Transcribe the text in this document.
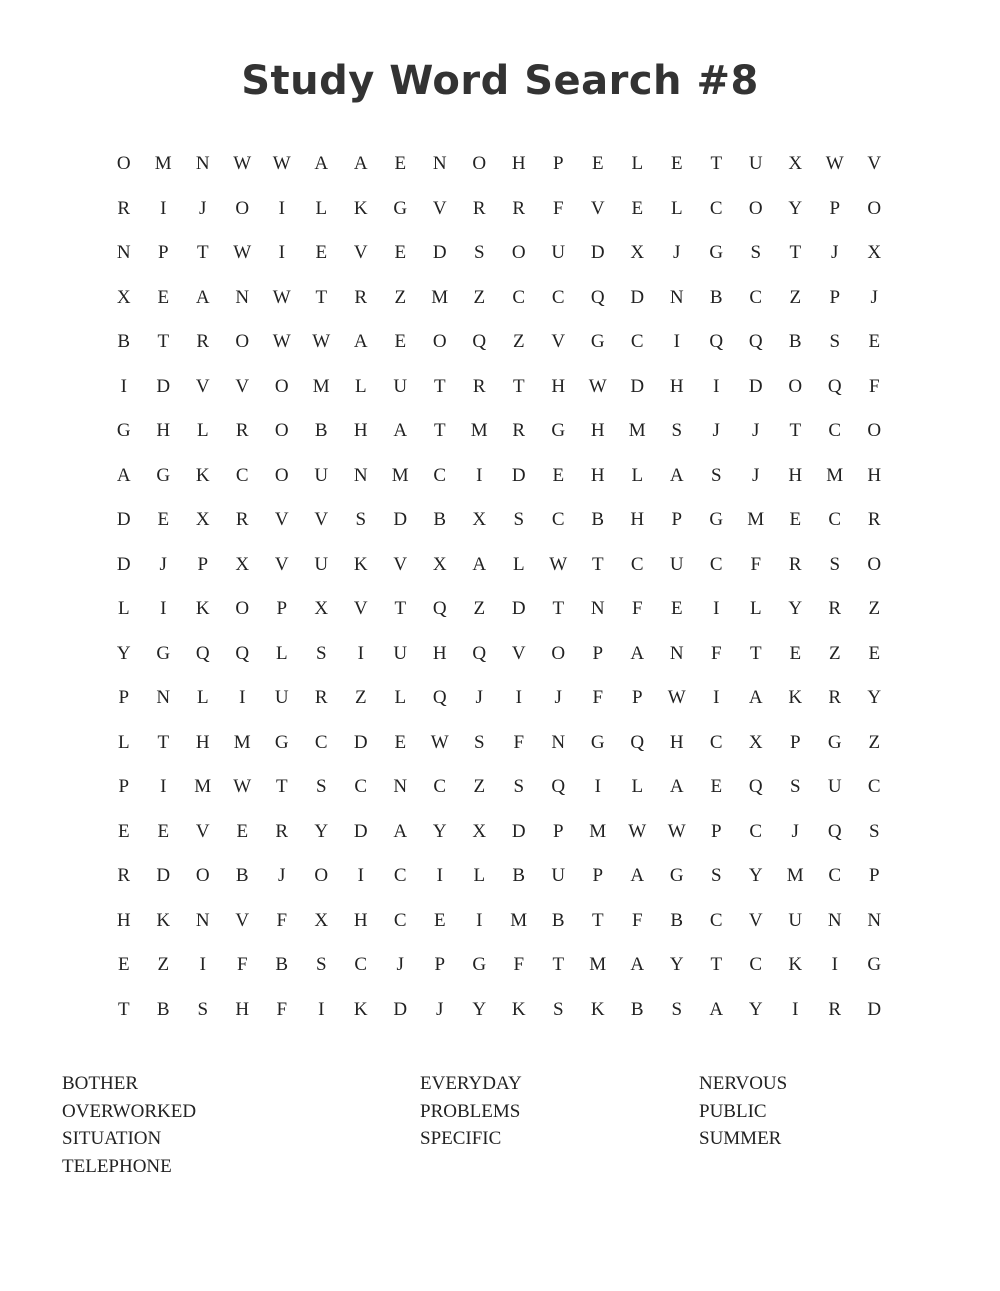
Study Word Search #8
O	M	N	W	W	A	A	E	N	O	H	P	E	L	E	T	U	X	W	V
R	I	J	O	I	L	K	G	V	R	R	F	V	E	L	C	O	Y	P	O
N	P	T	W	I	E	V	E	D	S	O	U	D	X	J	G	S	T	J	X
X	E	A	N	W	T	R	Z	M	Z	C	C	Q	D	N	B	C	Z	P	J
B	T	R	O	W	W	A	E	O	Q	Z	V	G	C	I	Q	Q	B	S	E
I	D	V	V	O	M	L	U	T	R	T	H	W	D	H	I	D	O	Q	F
G	H	L	R	O	B	H	A	T	M	R	G	H	M	S	J	J	T	C	O
A	G	K	C	O	U	N	M	C	I	D	E	H	L	A	S	J	H	M	H
D	E	X	R	V	V	S	D	B	X	S	C	B	H	P	G	M	E	C	R
D	J	P	X	V	U	K	V	X	A	L	W	T	C	U	C	F	R	S	O
L	I	K	O	P	X	V	T	Q	Z	D	T	N	F	E	I	L	Y	R	Z
Y	G	Q	Q	L	S	I	U	H	Q	V	O	P	A	N	F	T	E	Z	E
P	N	L	I	U	R	Z	L	Q	J	I	J	F	P	W	I	A	K	R	Y
L	T	H	M	G	C	D	E	W	S	F	N	G	Q	H	C	X	P	G	Z
P	I	M	W	T	S	C	N	C	Z	S	Q	I	L	A	E	Q	S	U	C
E	E	V	E	R	Y	D	A	Y	X	D	P	M	W	W	P	C	J	Q	S
R	D	O	B	J	O	I	C	I	L	B	U	P	A	G	S	Y	M	C	P
H	K	N	V	F	X	H	C	E	I	M	B	T	F	B	C	V	U	N	N
E	Z	I	F	B	S	C	J	P	G	F	T	M	A	Y	T	C	K	I	G
T	B	S	H	F	I	K	D	J	Y	K	S	K	B	S	A	Y	I	R	D
BOTHER
OVERWORKED
SITUATION
TELEPHONE
EVERYDAY
PROBLEMS
SPECIFIC
NERVOUS
PUBLIC
SUMMER
